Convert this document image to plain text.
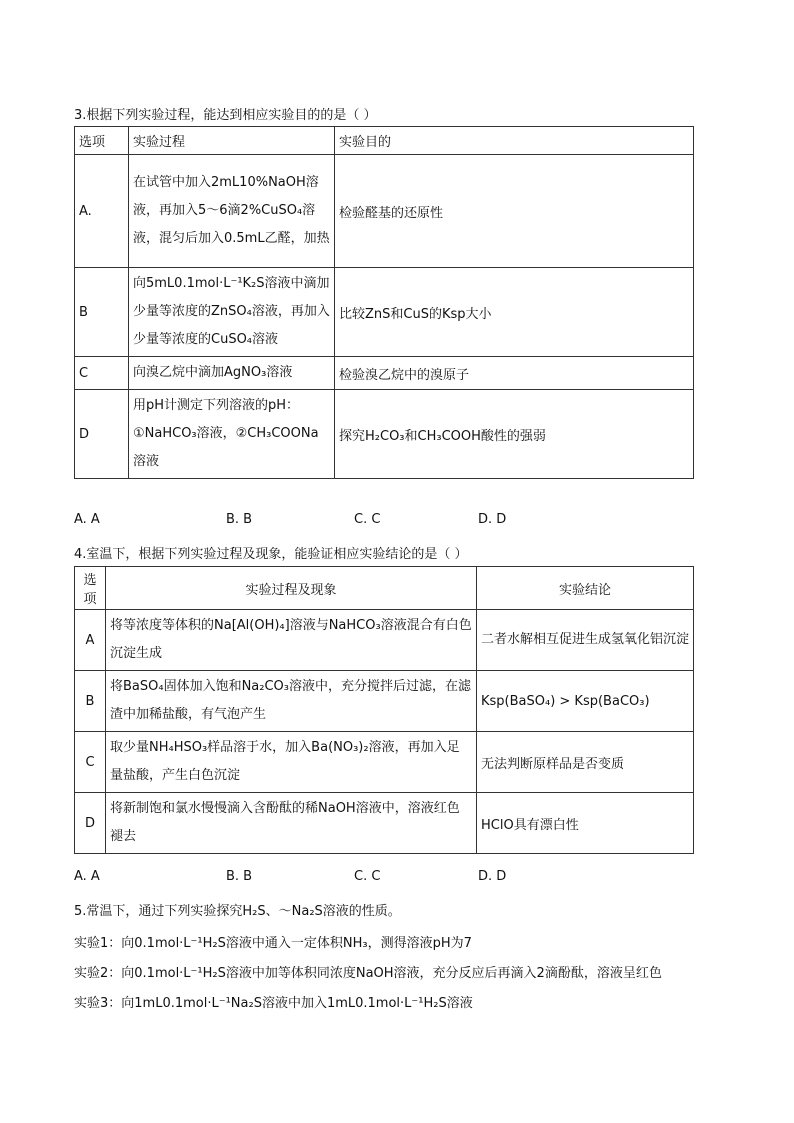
3.根据下列实验过程，能达到相应实验目的的是（ ）
选项	实验过程	实验目的
A.	在试管中加入2mL10%NaOH溶液，再加入5～6滴2%CuSO₄溶液，混匀后加入0.5mL乙醛，加热	检验醛基的还原性
B	向5mL0.1mol·L⁻¹K₂S溶液中滴加少量等浓度的ZnSO₄溶液，再加入少量等浓度的CuSO₄溶液	比较ZnS和CuS的Ksp大小
C	向溴乙烷中滴加AgNO₃溶液	检验溴乙烷中的溴原子
D	用pH计测定下列溶液的pH：①NaHCO₃溶液，②CH₃COONa溶液	探究H₂CO₃和CH₃COOH酸性的强弱
A. A	B. B	C. C	D. D
4.室温下，根据下列实验过程及现象，能验证相应实验结论的是（ ）
选项	实验过程及现象	实验结论
A	将等浓度等体积的Na[Al(OH)₄]溶液与NaHCO₃溶液混合有白色沉淀生成	二者水解相互促进生成氢氧化铝沉淀
B	将BaSO₄固体加入饱和Na₂CO₃溶液中，充分搅拌后过滤，在滤渣中加稀盐酸，有气泡产生	Ksp(BaSO₄) > Ksp(BaCO₃)
C	取少量NH₄HSO₃样品溶于水，加入Ba(NO₃)₂溶液，再加入足量盐酸，产生白色沉淀	无法判断原样品是否变质
D	将新制饱和氯水慢慢滴入含酚酞的稀NaOH溶液中，溶液红色褪去	HClO具有漂白性
A. A	B. B	C. C	D. D
5.常温下，通过下列实验探究H₂S、～Na₂S溶液的性质。
实验1：向0.1mol·L⁻¹H₂S溶液中通入一定体积NH₃，测得溶液pH为7
实验2：向0.1mol·L⁻¹H₂S溶液中加等体积同浓度NaOH溶液，充分反应后再滴入2滴酚酞，溶液呈红色
实验3：向1mL0.1mol·L⁻¹Na₂S溶液中加入1mL0.1mol·L⁻¹H₂S溶液
